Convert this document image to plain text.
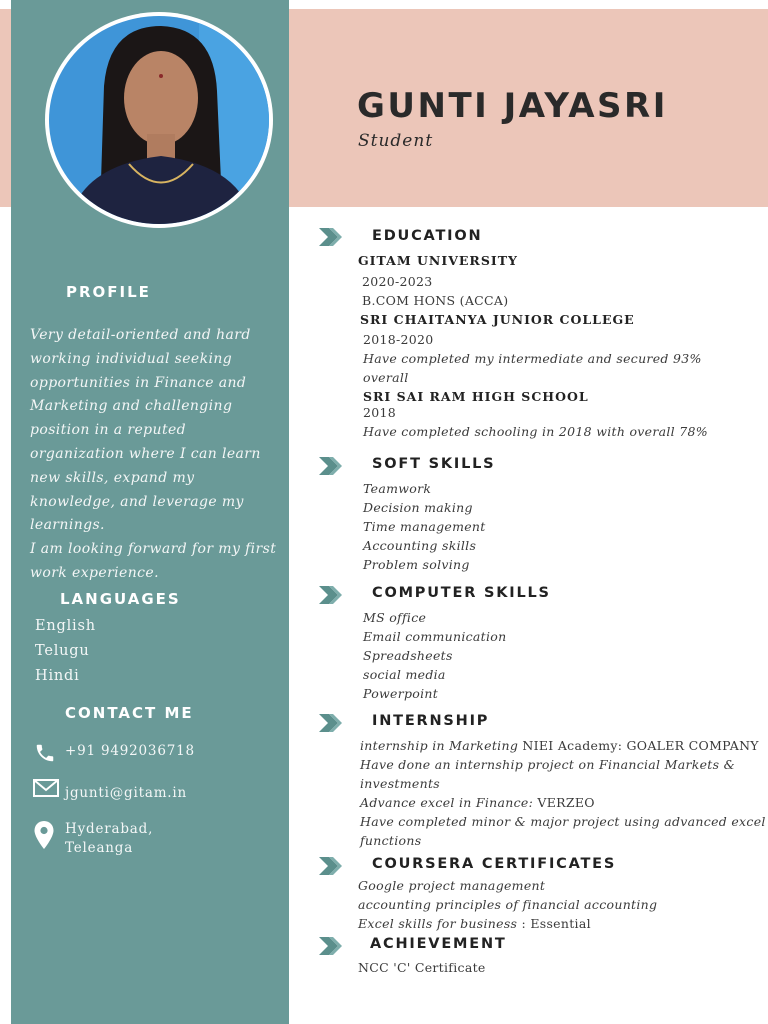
PROFILE
Very detail-oriented and hard working individual seeking opportunities in Finance and Marketing and challenging position in a reputed organization where I can learn new skills, expand my knowledge, and leverage my learnings.
I am looking forward for my first work experience.
LANGUAGES
English
Telugu
Hindi
CONTACT ME
+91 9492036718
jgunti@gitam.in
Hyderabad,
Teleanga
GUNTI JAYASRI
Student
EDUCATION
GITAM UNIVERSITY
2020-2023
B.COM HONS (ACCA)
SRI CHAITANYA JUNIOR COLLEGE
2018-2020
Have completed my intermediate and secured 93%
overall
SRI SAI RAM HIGH SCHOOL
2018
Have completed schooling in 2018 with overall 78%
SOFT SKILLS
Teamwork
Decision making
Time management
Accounting skills
Problem solving
COMPUTER SKILLS
MS office
Email communication
Spreadsheets
social media
Powerpoint
INTERNSHIP
internship in Marketing NIEI Academy: GOALER COMPANY
Have done an internship project on Financial Markets &
investments
Advance excel in Finance: VERZEO
Have completed minor & major project using advanced excel
functions
COURSERA CERTIFICATES
Google project management
accounting principles of financial accounting
Excel skills for business : Essential
ACHIEVEMENT
NCC 'C' Certificate
